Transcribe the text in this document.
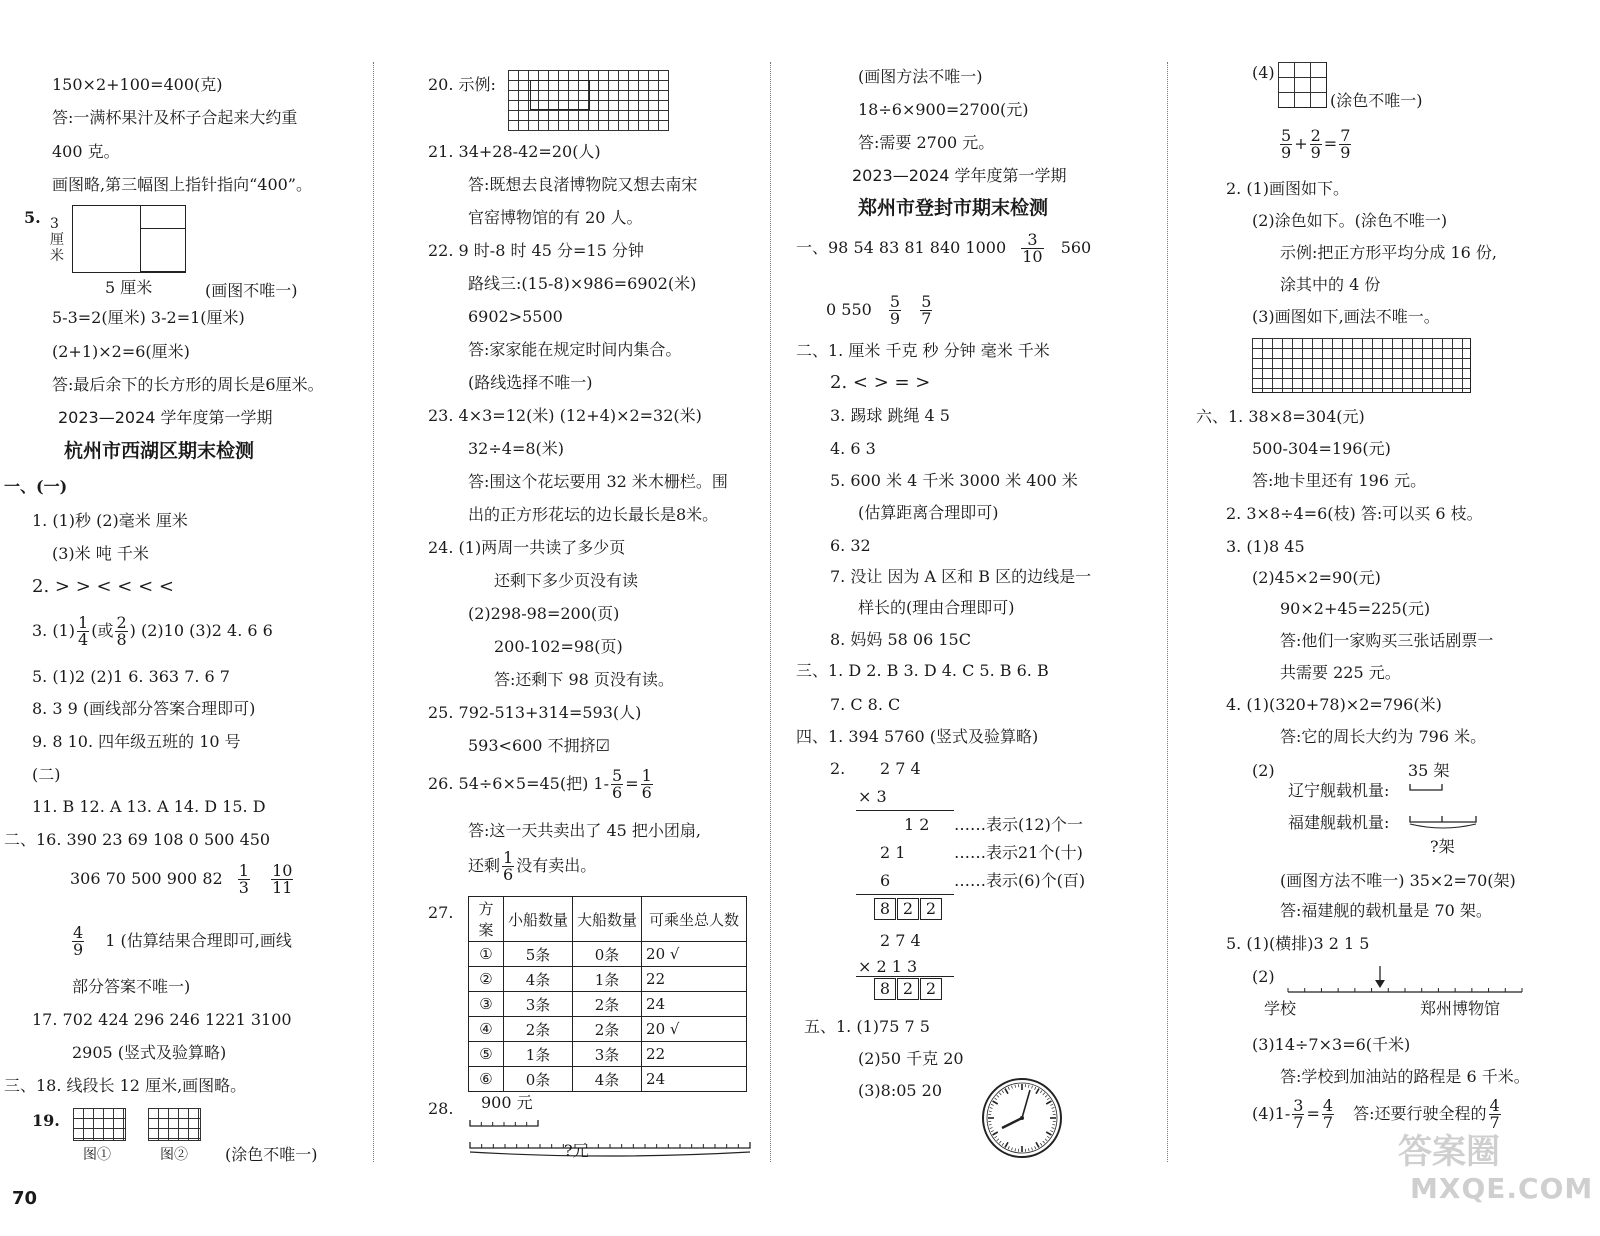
150×2+100=400(克)
答:一满杯果汁及杯子合起来大约重
400 克。
画图略,第三幅图上指针指向“400”。
5. 3厘米
5 厘米	(画图不唯一)
5-3=2(厘米) 3-2=1(厘米)
(2+1)×2=6(厘米)
答:最后余下的长方形的周长是6厘米。
2023—2024 学年度第一学期
杭州市西湖区期末检测
一、(一)
1. (1)秒 (2)毫米 厘米
(3)米 吨 千米
2. > > < < < <
3. $(1) \frac{1}{4}$ (或 $\frac{2}{8}$ ) (2)10 (3)2 4. 6 6
5. (1)2 (2)1 6. 363 7. 6 7
8. 3 9 (画线部分答案合理即可)
9. 8 10. 四年级五班的 10 号
(二)
11. B 12. A 13. A 14. D 15. D
二、16. 390 23 69 108 0 500 450
306 70 500 900 $82 \frac{1}{3}$
$\frac{10}{11}$
$\frac{4}{9} 1$ (估算结果合理即可,画线
部分答案不唯一)
17. 702 424 296 246 1221 3100
2905 (竖式及验算略)
三、18. 线段长 12 厘米,画图略。
19.
图①	图② (涂色不唯一)
70
20. 示例:
21. 34+28-42=20(人)
答:既想去良渚博物院又想去南宋
官窑博物馆的有 20 人。
22. 9 时-8 时 45 分=15 分钟
路线三:(15-8)×986=6902(米)
6902>5500
答:家家能在规定时间内集合。
(路线选择不唯一)
23. 4×3=12(米) (12+4)×2=32(米)
32÷4=8(米)
答:围这个花坛要用 32 米木栅栏。围
出的正方形花坛的边长最长是8米。
24. (1)两周一共读了多少页
还剩下多少页没有读
(2)298-98=200(页)
200-102=98(页)
答:还剩下 98 页没有读。
25. 792-513+314=593(人)
593<600 不拥挤☑
26. 54÷6×5=45(把) $1- \frac{5}{6} = \frac{1}{6}$
答:这一天共卖出了 45 把小团扇,
还剩 $\frac{1}{6}$ 没有卖出。
27. 方案	小船数量	大船数量	可乘坐总人数
①	5条	0条	20 √
②	4条	1条	22
③	3条	2条	24
④	2条	2条	20 √
⑤	1条	3条	22
⑥	0条	4条	24
28. 900 元
?元
(画图方法不唯一)
18÷6×900=2700(元)
答:需要 2700 元。
2023—2024 学年度第一学期
郑州市登封市期末检测
一、98 54 83 81 840 $1000 \frac{3}{10} 560$
0 $550 \frac{5}{9}$
$\frac{5}{7}$
二、1. 厘米 千克 秒 分钟 毫米 千米
2. < > = >
3. 踢球 跳绳 4 5
4. 6 3
5. 600 米 4 千米 3000 米 400 米
(估算距离合理即可)
6. 32
7. 没让 因为 A 区和 B 区的边线是一
样长的(理由合理即可)
8. 妈妈 58 06 15C
三、1. D 2. B 3. D 4. C 5. B 6. B
7. C 8. C
四、1. 394 5760 (竖式及验算略)
2. 2 7 4
× 3
1 2 ……表示(12)个一
2 1	……表示21个(十)
6	……表示(6)个(百)
8 2 2
2 7 4
× 2 1 3
8 2 2
五、1. (1)75 7 5
(2)50 千克 20
(3)8:05 20
(4)
(涂色不唯一)
$\frac{5}{9} + \frac{2}{9} = \frac{7}{9}$
2. (1)画图如下。
(2)涂色如下。(涂色不唯一)
示例:把正方形平均分成 16 份,
涂其中的 4 份
(3)画图如下,画法不唯一。
六、1. 38×8=304(元)
500-304=196(元)
答:地卡里还有 196 元。
2. 3×8÷4=6(枝) 答:可以买 6 枝。
3. (1)8 45
(2)45×2=90(元)
90×2+45=225(元)
答:他们一家购买三张话剧票一
共需要 225 元。
4. (1)(320+78)×2=796(米)
答:它的周长大约为 796 米。
(2)	35 架
辽宁舰载机量:
福建舰载机量:
?架
(画图方法不唯一) 35×2=70(架)
答:福建舰的载机量是 70 架。
5. (1)(横排)3 2 1 5
(2)
学校	郑州博物馆
(3)14÷7×3=6(千米)
答:学校到加油站的路程是 6 千米。
$(4)1- \frac{3}{7} = \frac{4}{7}$ 答:还要行驶全程的 $\frac{4}{7}$
答案圈
MXQE.COM
